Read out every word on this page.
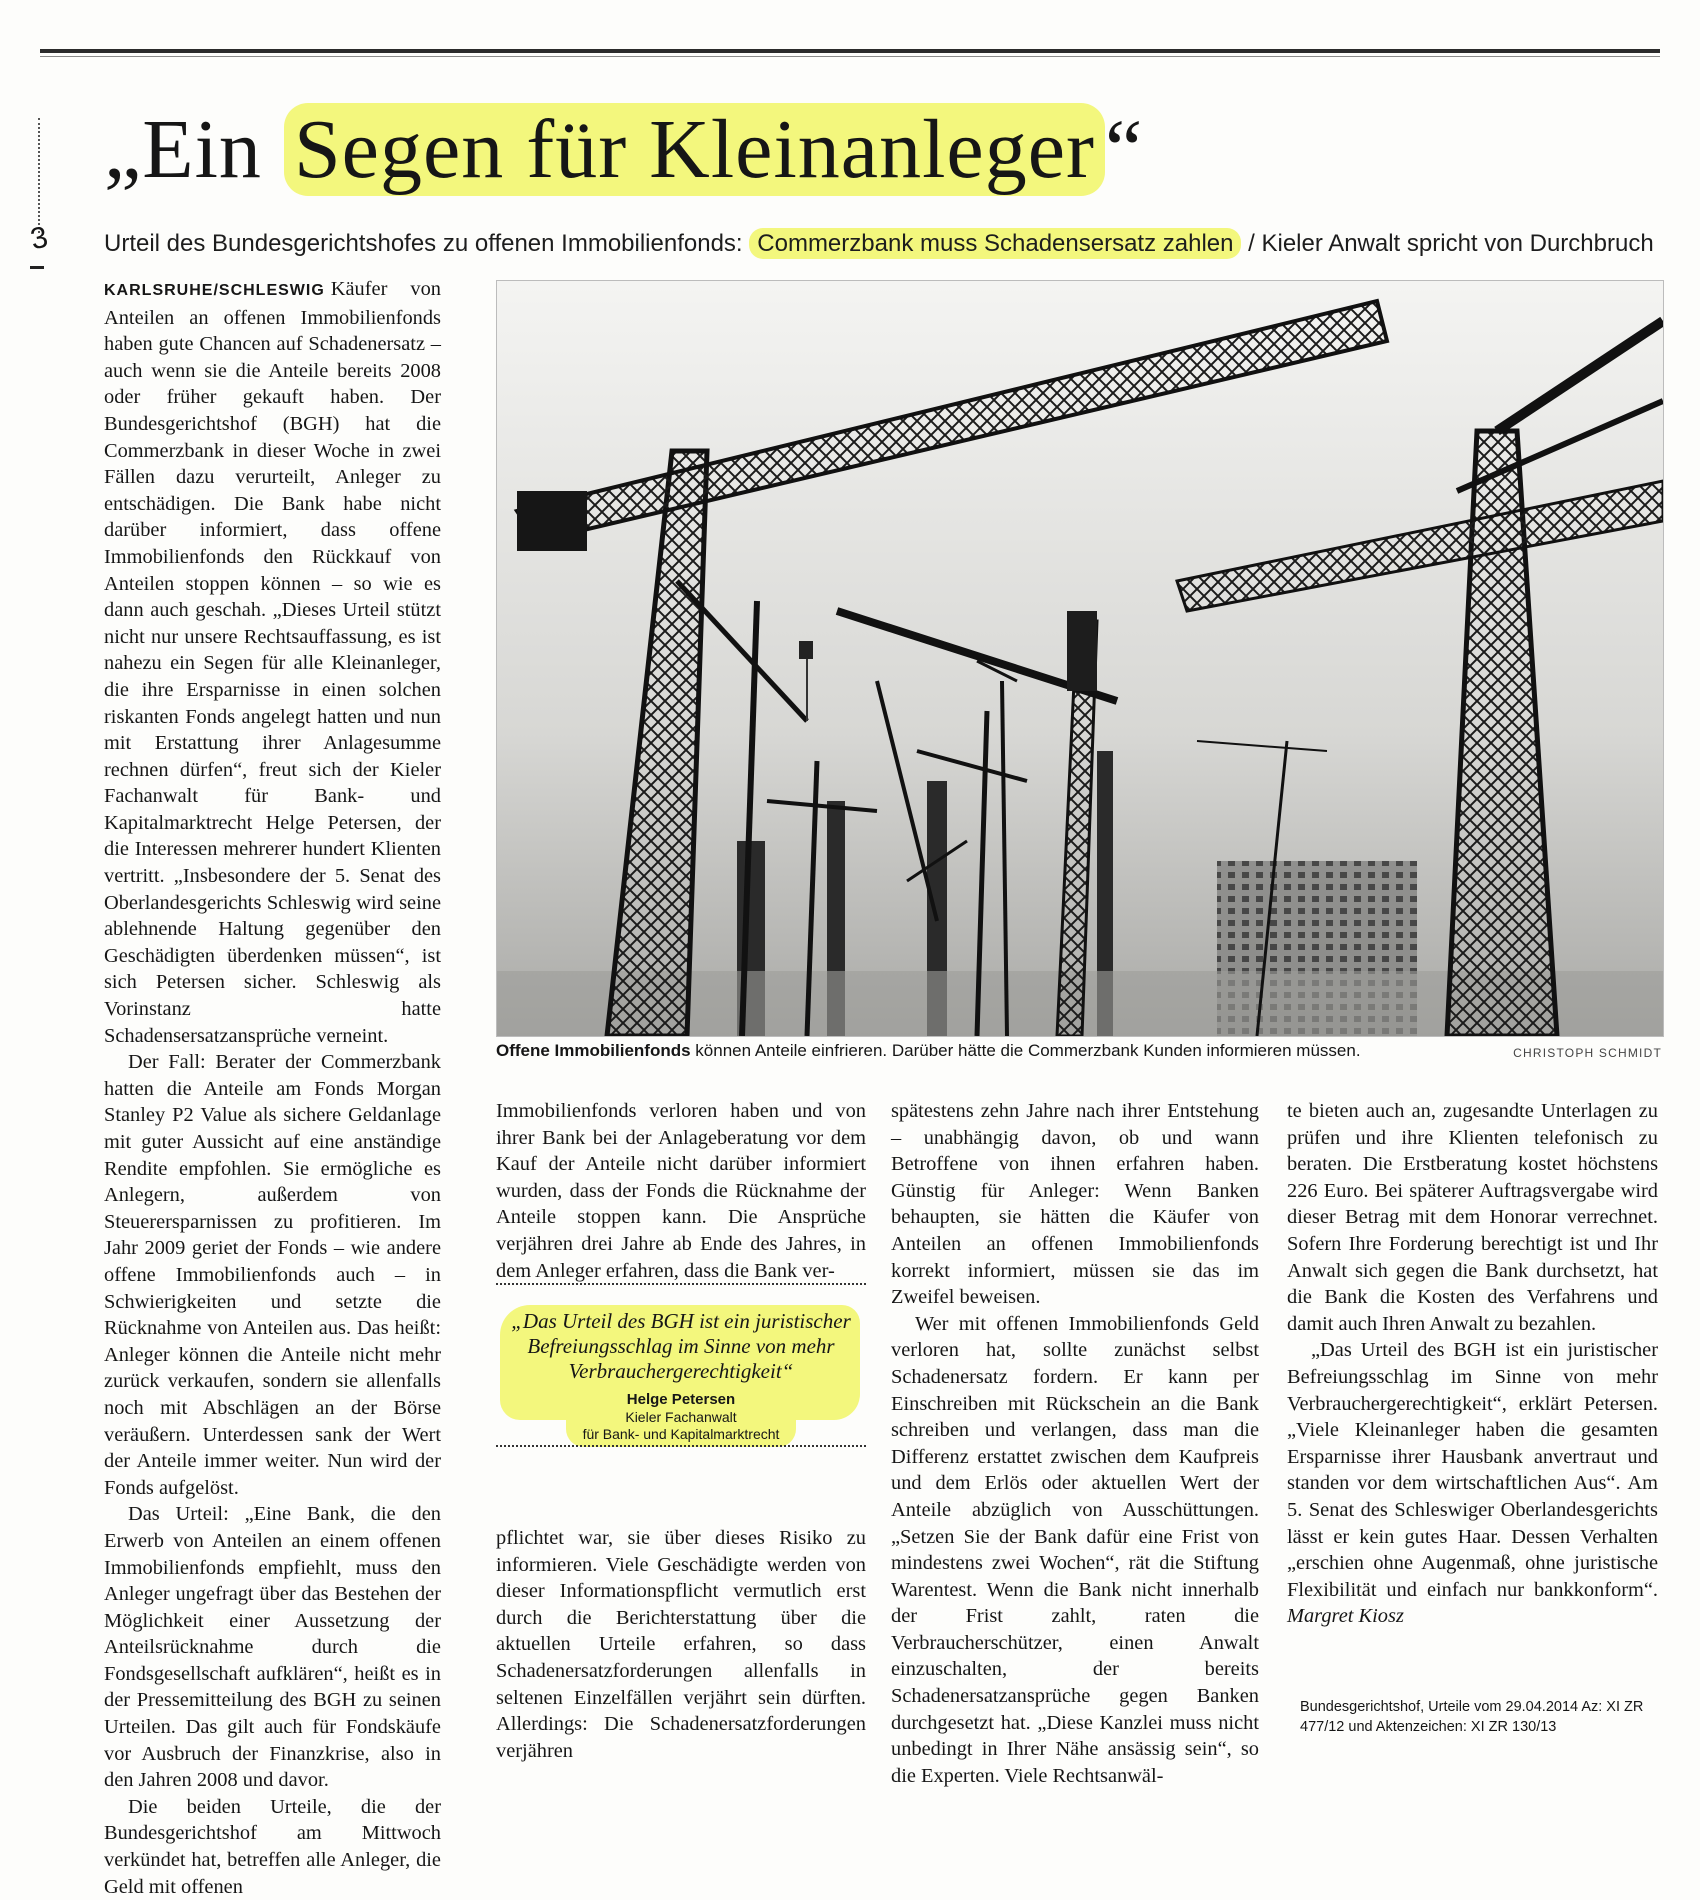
3
„Ein Segen für Kleinanleger “
Urteil des Bundesgerichtshofes zu offenen Immobilienfonds: Commerzbank muss Schadensersatz zahlen / Kieler Anwalt spricht von Durchbruch

KARLSRUHE/SCHLESWIG Käufer von Anteilen an offenen Immobilienfonds haben gute Chancen auf Schadenersatz – auch wenn sie die Anteile bereits 2008 oder früher gekauft haben. Der Bundesgerichtshof (BGH) hat die Commerzbank in dieser Woche in zwei Fällen dazu verurteilt, Anleger zu entschädigen. Die Bank habe nicht darüber informiert, dass offene Immobilienfonds den Rückkauf von Anteilen stoppen können – so wie es dann auch geschah. „Dieses Urteil stützt nicht nur unsere Rechtsauffassung, es ist nahezu ein Segen für alle Kleinanleger, die ihre Ersparnisse in einen solchen riskanten Fonds angelegt hatten und nun mit Erstattung ihrer Anlagesumme rechnen dürfen“, freut sich der Kieler Fachanwalt für Bank- und Kapitalmarktrecht Helge Petersen, der die Interessen mehrerer hundert Klienten vertritt. „Insbesondere der 5. Senat des Oberlandesgerichts Schleswig wird seine ablehnende Haltung gegenüber den Geschädigten überdenken müssen“, ist sich Petersen sicher. Schleswig als Vorinstanz hatte Schadensersatzansprüche verneint.

Der Fall: Berater der Commerzbank hatten die Anteile am Fonds Morgan Stanley P2 Value als sichere Geldanlage mit guter Aussicht auf eine anständige Rendite empfohlen. Sie ermögliche es Anlegern, außerdem von Steuerersparnissen zu profitieren. Im Jahr 2009 geriet der Fonds – wie andere offene Immobilienfonds auch – in Schwierigkeiten und setzte die Rücknahme von Anteilen aus. Das heißt: Anleger können die Anteile nicht mehr zurück verkaufen, sondern sie allenfalls noch mit Abschlägen an der Börse veräußern. Unterdessen sank der Wert der Anteile immer weiter. Nun wird der Fonds aufgelöst.

Das Urteil: „Eine Bank, die den Erwerb von Anteilen an einem offenen Immobilienfonds empfiehlt, muss den Anleger ungefragt über das Bestehen der Möglichkeit einer Aussetzung der Anteilsrücknahme durch die Fondsgesellschaft aufklären“, heißt es in der Pressemitteilung des BGH zu seinen Urteilen. Das gilt auch für Fondskäufe vor Ausbruch der Finanzkrise, also in den Jahren 2008 und davor.

Die beiden Urteile, die der Bundesgerichtshof am Mittwoch verkündet hat, betreffen alle Anleger, die Geld mit offenen

Offene Immobilienfonds können Anteile einfrieren. Darüber hätte die Commerzbank Kunden informieren müssen.	CHRISTOPH SCHMIDT

Immobilienfonds verloren haben und von ihrer Bank bei der Anlageberatung vor dem Kauf der Anteile nicht darüber informiert wurden, dass der Fonds die Rücknahme der Anteile stoppen kann. Die Ansprüche verjähren drei Jahre ab Ende des Jahres, in dem Anleger erfahren, dass die Bank ver-

„Das Urteil des BGH ist ein juristischer Befreiungsschlag im Sinne von mehr Verbrauchergerechtigkeit“
Helge Petersen
Kieler Fachanwalt
für Bank- und Kapitalmarktrecht

pflichtet war, sie über dieses Risiko zu informieren. Viele Geschädigte werden von dieser Informationspflicht vermutlich erst durch die Berichterstattung über die aktuellen Urteile erfahren, so dass Schadenersatzforderungen allenfalls in seltenen Einzelfällen verjährt sein dürften. Allerdings: Die Schadenersatzforderungen verjähren

spätestens zehn Jahre nach ihrer Entstehung – unabhängig davon, ob und wann Betroffene von ihnen erfahren haben. Günstig für Anleger: Wenn Banken behaupten, sie hätten die Käufer von Anteilen an offenen Immobilienfonds korrekt informiert, müssen sie das im Zweifel beweisen.

Wer mit offenen Immobilienfonds Geld verloren hat, sollte zunächst selbst Schadenersatz fordern. Er kann per Einschreiben mit Rückschein an die Bank schreiben und verlangen, dass man die Differenz erstattet zwischen dem Kaufpreis und dem Erlös oder aktuellen Wert der Anteile abzüglich von Ausschüttungen. „Setzen Sie der Bank dafür eine Frist von mindestens zwei Wochen“, rät die Stiftung Warentest. Wenn die Bank nicht innerhalb der Frist zahlt, raten die Verbraucherschützer, einen Anwalt einzuschalten, der bereits Schadenersatzansprüche gegen Banken durchgesetzt hat. „Diese Kanzlei muss nicht unbedingt in Ihrer Nähe ansässig sein“, so die Experten. Viele Rechtsanwäl-

te bieten auch an, zugesandte Unterlagen zu prüfen und ihre Klienten telefonisch zu beraten. Die Erstberatung kostet höchstens 226 Euro. Bei späterer Auftragsvergabe wird dieser Betrag mit dem Honorar verrechnet. Sofern Ihre Forderung berechtigt ist und Ihr Anwalt sich gegen die Bank durchsetzt, hat die Bank die Kosten des Verfahrens und damit auch Ihren Anwalt zu bezahlen.

„Das Urteil des BGH ist ein juristischer Befreiungsschlag im Sinne von mehr Verbrauchergerechtigkeit“, erklärt Petersen. „Viele Kleinanleger haben die gesamten Ersparnisse ihrer Hausbank anvertraut und standen vor dem wirtschaftlichen Aus“. Am 5. Senat des Schleswiger Oberlandesgerichts lässt er kein gutes Haar. Dessen Verhalten „erschien ohne Augenmaß, ohne juristische Flexibilität und einfach nur bankkonform“. Margret Kiosz

Bundesgerichtshof, Urteile vom 29.04.2014 Az: XI ZR 477/12 und Aktenzeichen: XI ZR 130/13
